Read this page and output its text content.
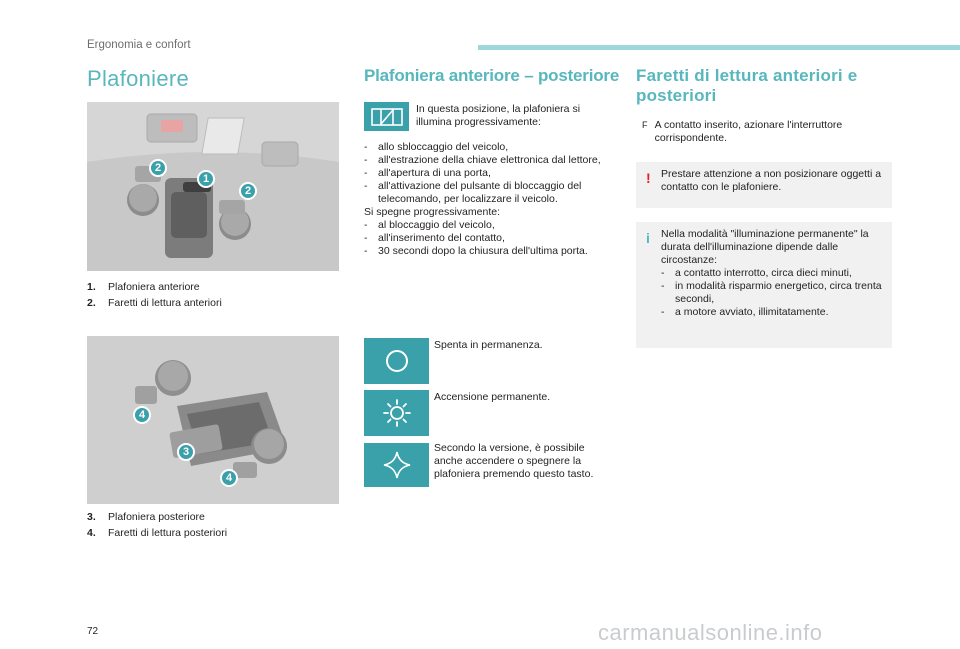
Ergonomia e confort
Plafoniere
2
1
2
1. Plafoniera anteriore
2. Faretti di lettura anteriori
4
3
4
3. Plafoniera posteriore
4. Faretti di lettura posteriori
Plafoniera anteriore – posteriore
In questa posizione, la plafoniera si illumina progressivamente:
-	allo sbloccaggio del veicolo,
-	all'estrazione della chiave elettronica dal lettore,
-	all'apertura di una porta,
-	all'attivazione del pulsante di bloccaggio del telecomando, per localizzare il veicolo.
Si spegne progressivamente:
-	al bloccaggio del veicolo,
-	all'inserimento del contatto,
-	30 secondi dopo la chiusura dell'ultima porta.
Spenta in permanenza.
Accensione permanente.
Secondo la versione, è possibile anche accendere o spegnere la plafoniera premendo questo tasto.
Faretti di lettura anteriori e posteriori
F A contatto inserito, azionare l'interruttore corrispondente.
! Prestare attenzione a non posizionare oggetti a contatto con le plafoniere.
i Nella modalità "illuminazione permanente" la durata dell'illuminazione dipende dalle circostanze:
-	a contatto interrotto, circa dieci minuti,
-	in modalità risparmio energetico, circa trenta secondi,
-	a motore avviato, illimitatamente.
72	carmanualsonline.info
